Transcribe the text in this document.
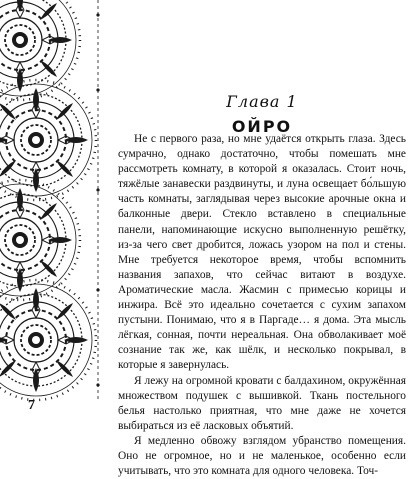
Глава 1
ОЙРО

Не с первого раза, но мне удаётся открыть глаза. Здесь сумрачно, однако достаточно, чтобы помешать мне рассмотреть комнату, в которой я оказалась. Стоит ночь, тяжёлые занавески раздвинуты, и луна освещает бо́льшую часть комнаты, заглядывая через высокие арочные окна и балконные двери. Стекло вставлено в специальные панели, напоминающие искусно выполненную решётку, из-за чего свет дробится, ложась узором на пол и стены. Мне требуется некоторое время, чтобы вспомнить названия запахов, что сейчас витают в воздухе. Ароматические масла. Жасмин с примесью корицы и инжира. Всё это идеально сочетается с сухим запахом пустыни. Понимаю, что я в Паргаде… я дома. Эта мысль лёгкая, сонная, почти нереальная. Она обволакивает моё сознание так же, как шёлк, и несколько покрывал, в которые я завернулась.

Я лежу на огромной кровати с балдахином, окружённая множеством подушек с вышивкой. Ткань постельного белья настолько приятная, что мне даже не хочется выбираться из её ласковых объятий.

Я медленно обвожу взглядом убранство помещения. Оно не огромное, но и не маленькое, особенно если учитывать, что это комната для одного человека. Точ-

7
